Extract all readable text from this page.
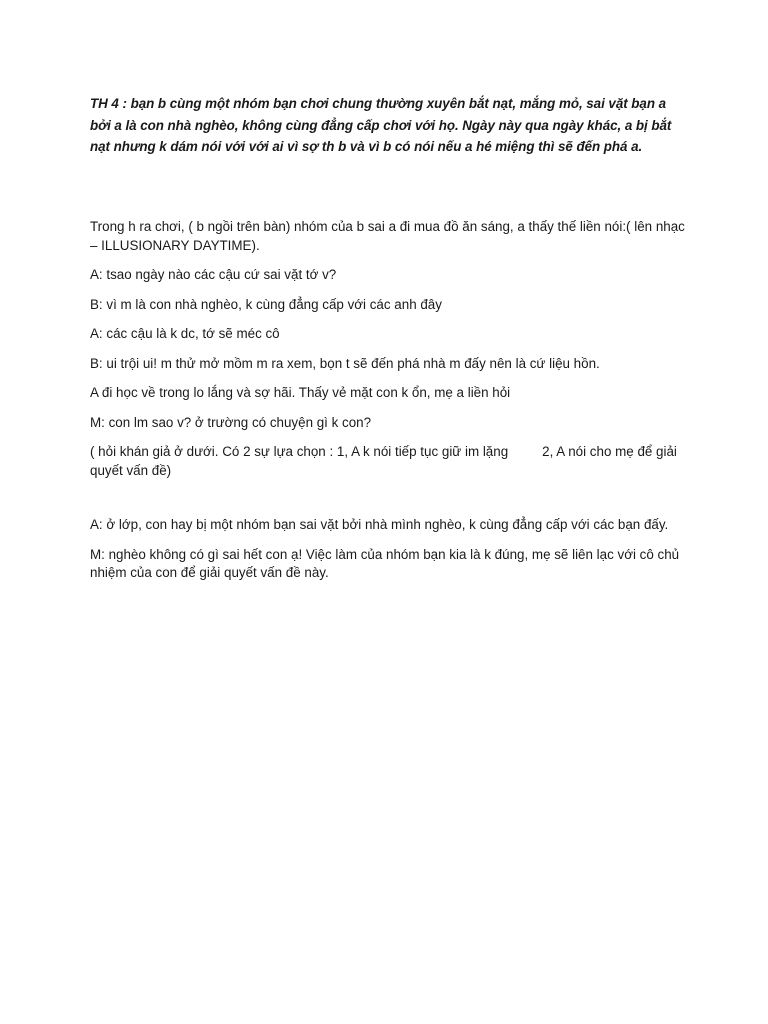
TH 4 : bạn b cùng một nhóm bạn chơi chung thường xuyên bắt nạt, mắng mỏ, sai vặt bạn a bởi a là con nhà nghèo, không cùng đẳng cấp chơi với họ. Ngày này qua ngày khác, a bị bắt nạt nhưng k dám nói với với ai vì sợ th b và vì b có nói nếu a hé miệng thì sẽ đến phá a.

Trong h ra chơi, ( b ngồi trên bàn) nhóm của b sai a đi mua đồ ăn sáng, a thấy thế liền nói:( lên nhạc – ILLUSIONARY DAYTIME).

A: tsao ngày nào các cậu cứ sai vặt tớ v?

B: vì m là con nhà nghèo, k cùng đẳng cấp với các anh đây

A: các cậu là k dc, tớ sẽ méc cô

B: ui trội ui! m thử mở mồm m ra xem, bọn t sẽ đến phá nhà m đấy nên là cứ liệu hồn.

A đi học về trong lo lắng và sợ hãi. Thấy vẻ mặt con k ổn, mẹ a liền hỏi

M: con lm sao v? ở trường có chuyện gì k con?

( hỏi khán giả ở dưới. Có 2 sự lựa chọn : 1, A k nói tiếp tục giữ im lặng	2, A nói cho mẹ để giải quyết vấn đề)

A: ở lớp, con hay bị một nhóm bạn sai vặt bởi nhà mình nghèo, k cùng đẳng cấp với các bạn đấy.

M: nghèo không có gì sai hết con ạ! Việc làm của nhóm bạn kia là k đúng, mẹ sẽ liên lạc với cô chủ nhiệm của con để giải quyết vấn đề này.
